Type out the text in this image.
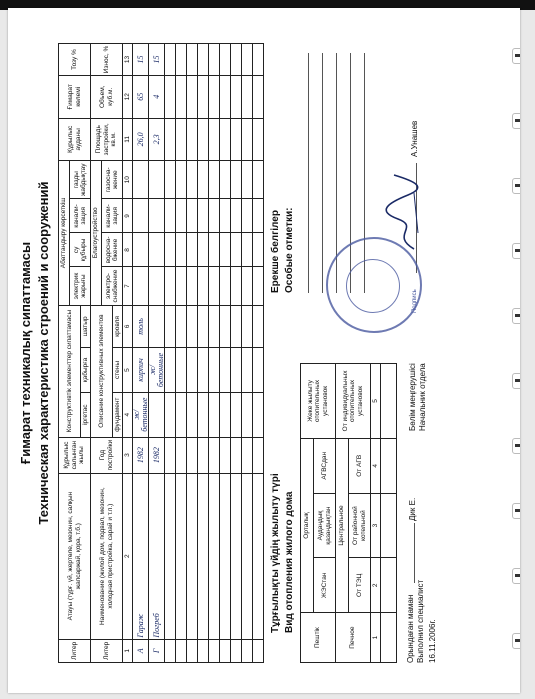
Ғимарат техникалық сипаттамасы Техническая характеристика строений и сооружений
Литер	Атауы (тұрғ. үй, жертөле, мезонин, салқын жапсаржай, қора, т.б.)	Құрылыс салынған жылы	Конструктивтік элементтер сипаттамасы			Абаттандыру көрсеткіш				Құрылыс ауданы	Ғимарат көлемі	Тозу %
						электрик жарығы	су құбыры	канали-зация	газды жабдықтау			
			іргетас	қабырға	шатыр							
Литер	Наименование (жилой дом, подвал, мезонин, холодная пристройка, сарай и т.п.)	Год постройки	Описание конструктивных элементов			Благоустройство				Площадь застройки, кв.м.	Объем, куб.м.	Износ, %
						электро-снабжение	водосна-бжение	канали-зация	газосна-жение			
			фундамент	стены	кровля							
1	2	3	4	5	6	7	8	9	10	11	12	13
А	Гараж	1982	ж/бетонные	кирпич	толь					26,0	65	15
Г	Погреб	1982		ж/бетонные						2,3	4	15

Тұрғылықты үйдің жылыту түрі Вид отопления жилого дома
Пештік	Орталық			Жеке жылыту отопительных установок
	ЖЭСтан	Аудандық қазандықтан	АГВСдан	
Печное	Центральное			От индивидуальных отопительных установок
	От ТЭЦ	От районной котельной	От АГВ	
1	2	3	4	5

Ерекше белгілер Особые отметки:
Орындаған маман Выполнил специалист
Дик Е.
16.11.2006г.
Бөлім меңгерушісі Начальник отдела
А.Унашев
Подпись
